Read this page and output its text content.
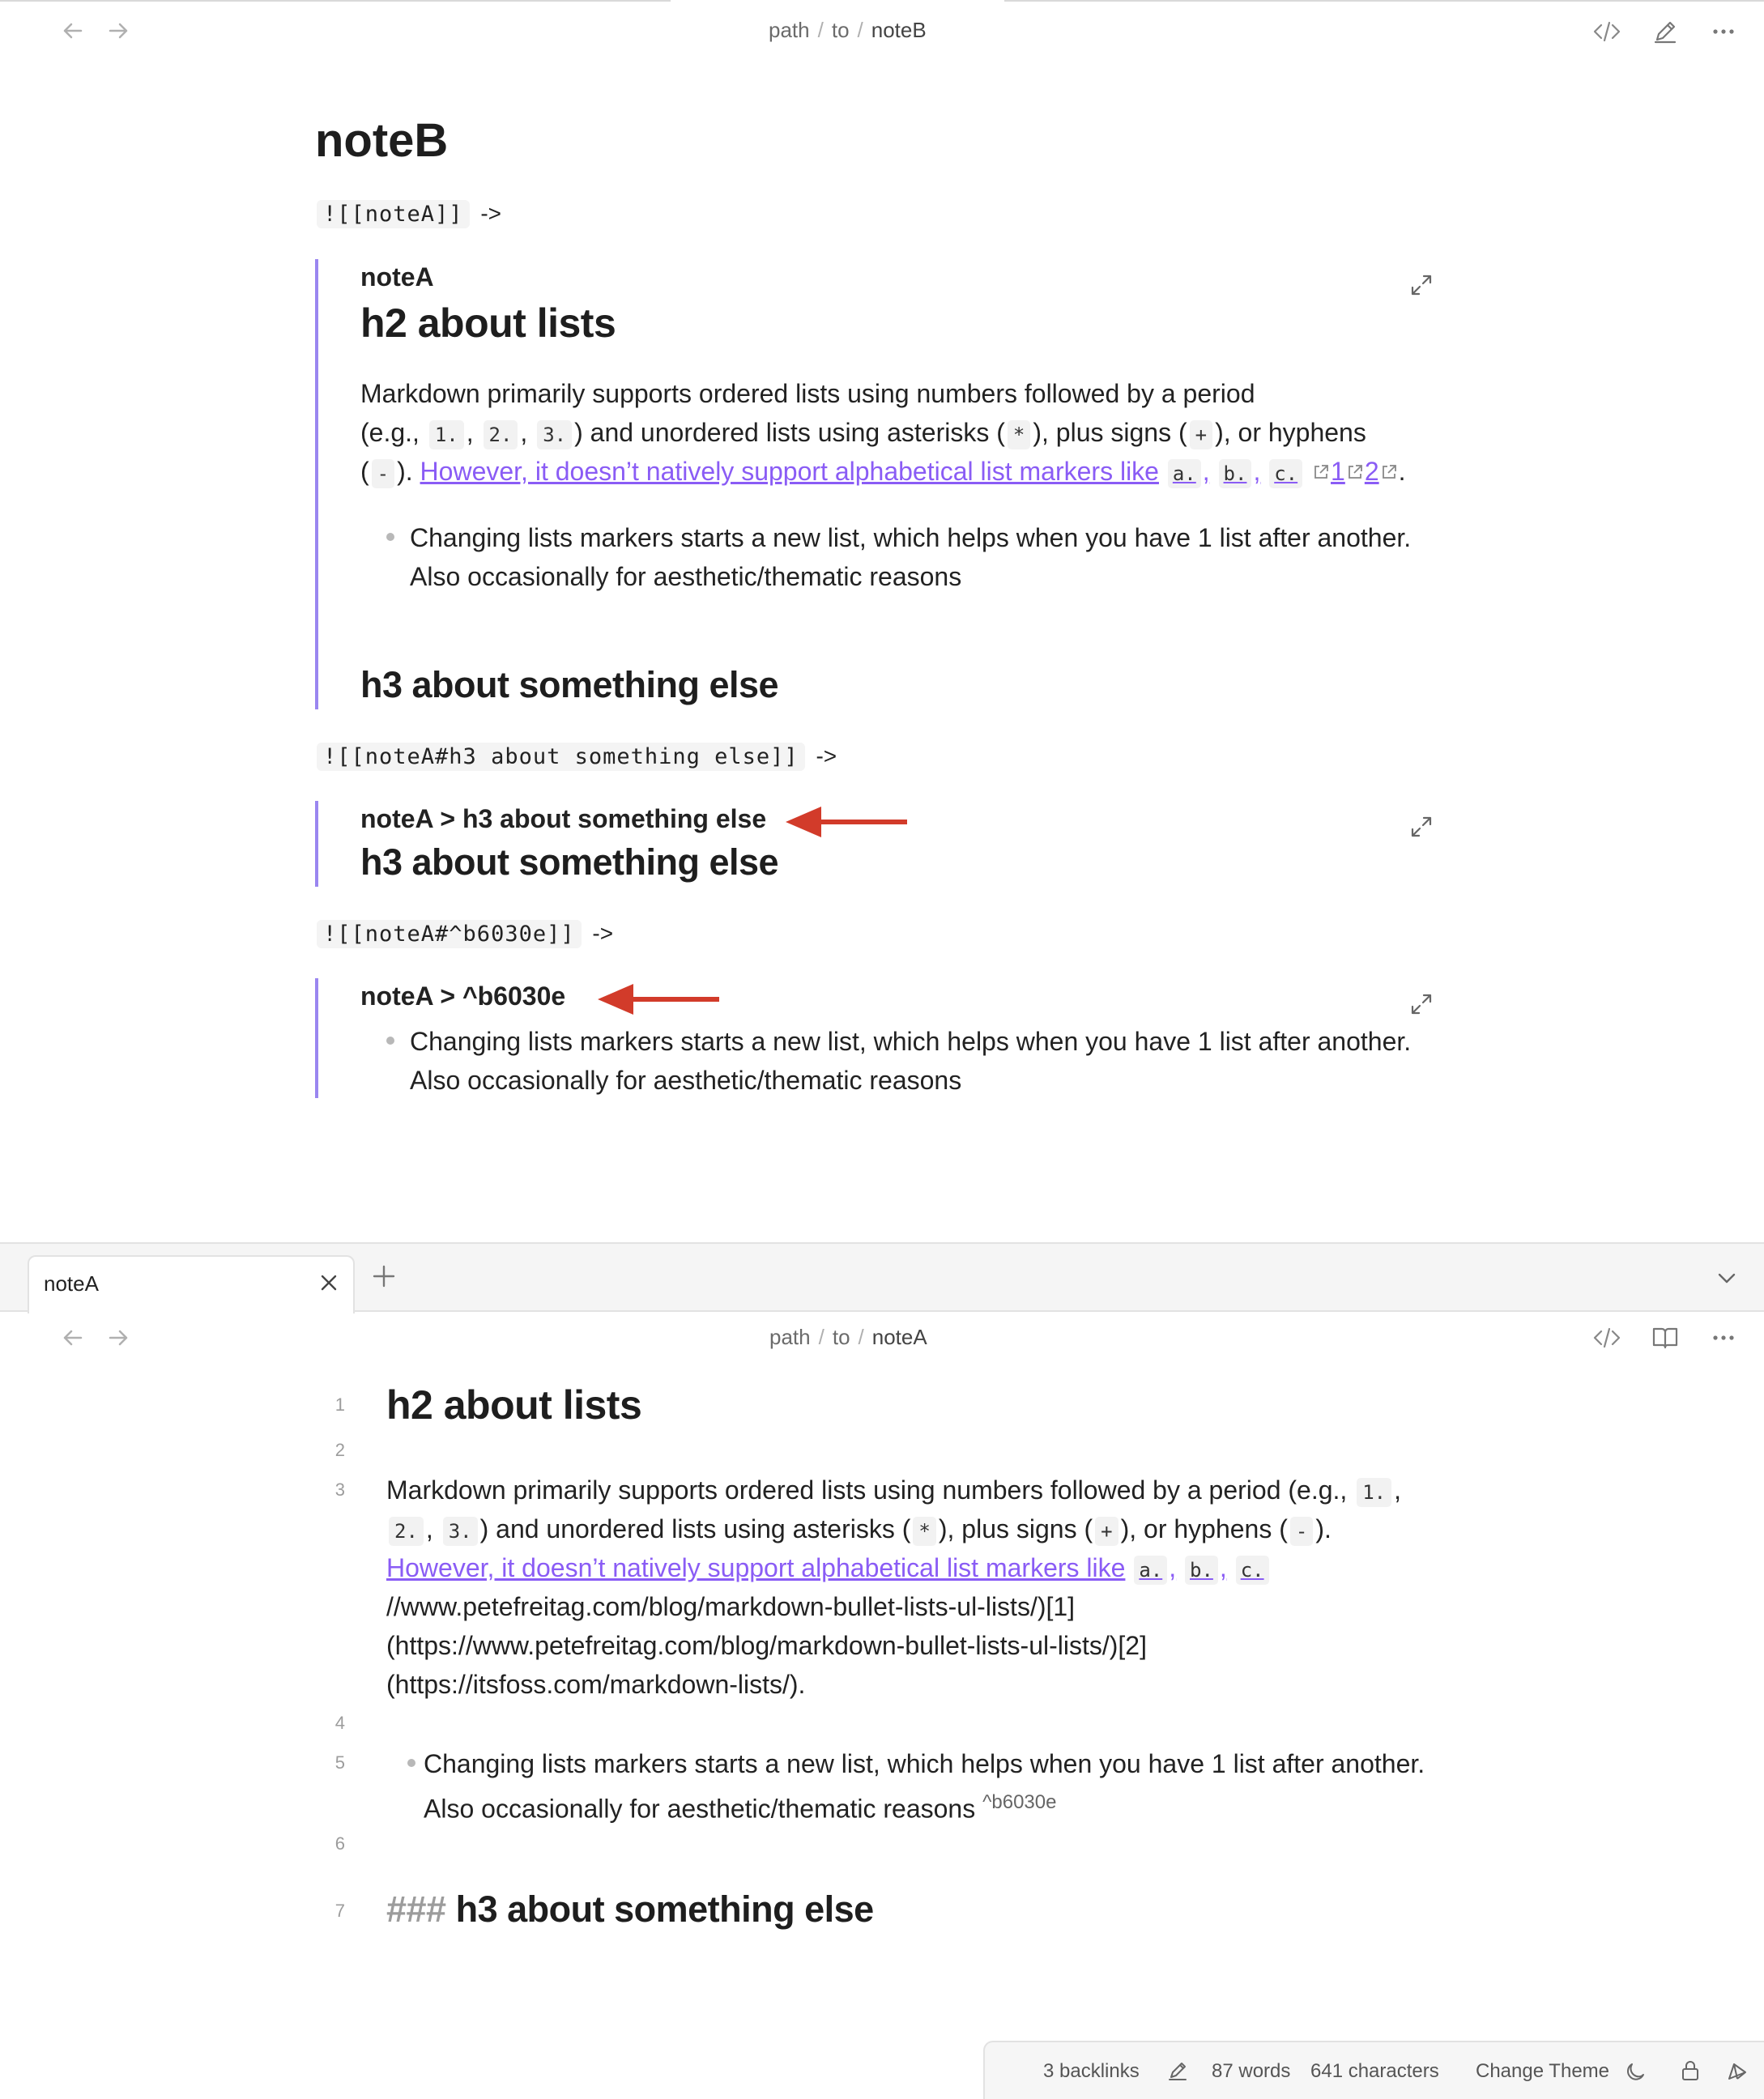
path / to / noteB
noteB
![[noteA]] ->
noteA
h2 about lists
Markdown primarily supports ordered lists using numbers followed by a period
(e.g., 1. , 2. , 3. ) and unordered lists using asterisks ( * ), plus signs ( + ), or hyphens
( - ). However, it doesn’t natively support alphabetical list markers like a. , b. , c. 1 2 .
Changing lists markers starts a new list, which helps when you have 1 list after another.
Also occasionally for aesthetic/thematic reasons
h3 about something else
![[noteA#h3 about something else]] ->
noteA > h3 about something else
h3 about something else
![[noteA#^b6030e]] ->
noteA > ^b6030e
Changing lists markers starts a new list, which helps when you have 1 list after another.
Also occasionally for aesthetic/thematic reasons
noteA
path / to / noteA
1
2
3
4
5
6
7
h2 about lists
Markdown primarily supports ordered lists using numbers followed by a period (e.g., 1. ,
2. , 3. ) and unordered lists using asterisks ( * ), plus signs ( + ), or hyphens ( - ).
However, it doesn’t natively support alphabetical list markers like a. , b. , c.
//www.petefreitag.com/blog/markdown-bullet-lists-ul-lists/)[1]
(https://www.petefreitag.com/blog/markdown-bullet-lists-ul-lists/)[2]
(https://itsfoss.com/markdown-lists/).
Changing lists markers starts a new list, which helps when you have 1 list after another.
Also occasionally for aesthetic/thematic reasons $^{\^{}b6030e}$
### h3 about something else
3 backlinks	87 words 641 characters Change Theme
